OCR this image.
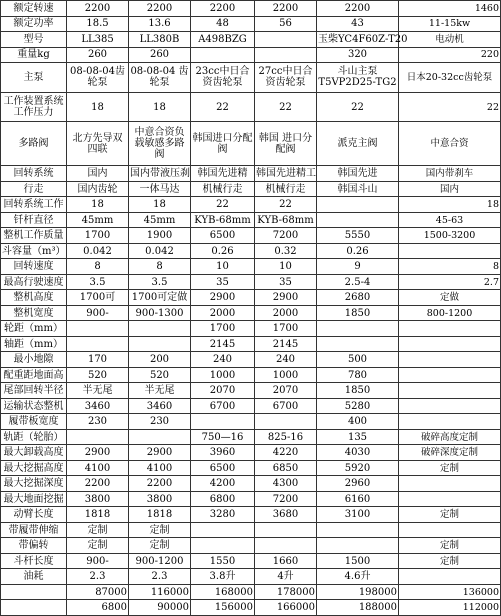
额定转速	2200	2200	2200	2200	2200	1460

额定功率	18.5	13.6	48	56	43	11-15kw
型号	LL385	LL380B	A498BZG		玉柴YC4F60Z-T20	电动机
重量kg	260	260			320	220

主泵	08-08-04齿轮泵	08-08-04 齿轮泵	23cc中日合资齿轮泵	27cc中日合资齿轮泵	斗山主泵T5VP2D25-TG2	日本20-32cc齿轮泵
工作装置系统工作压力	18	18	22	22	22	22

多路阀	北方先导双四联	中意合资负载敏感多路阀	韩国进口分配阀	韩国 进口分配阀	派克主阀	中意合资
回转系统	国内	国内带液压刹	韩国先进精	韩国先进精工	韩国先进	国内带刹车
行走	国内齿轮	一体马达	机械行走	机械行走	韩国斗山	国内
回转系统工作	18	18	22	22		18

钎杆直径	45mm	45mm	KYB-68mm	KYB-68mm		45-63
整机工作质量	1700	1900	6500	7200	5550	1500-3200
斗容量（m³）	0.042	0.042	0.26	0.32	0.26	
回转速度	8	8	10	10	9	8

最高行驶速度	3.5	3.5	35	35	2.5-4	2.7

整机高度	1700可	1700可定做	2900	2900	2680	定做
整机宽度	900-	900-1300	2000	2000	1850	800-1200
轮距（mm）			1700	1700		
轴距（mm）			2145	2145		
最小地隙	170	200	240	240	500	
配重距地面高	520	520	1000	1000	780	
尾部回转半径	半无尾	半无尾	2070	2070	1850	
运输状态整机	3460	3460	6700	6700	5280	
履带板宽度	230	230			400	
轨距（轮胎）			750—16	825-16	135	破碎高度定制
最大卸载高度	2900	2900	3960	4220	4030	破碎深度定制
最大挖掘高度	4100	4100	6500	6850	5920	定制
最大挖掘深度	2200	2200	4200	4300	2960	
最大地面挖掘	3800	3800	6800	7200	6160	
动臂长度	1818	1818	3280	3680	3100	定制
带履带伸缩	定制	定制				
带偏转	定制	定制				定制
斗杆长度	900-	900-1200	1550	1660	1500	定制
油耗	2.3	2.3	3.8升	4升	4.6升	

	87000	116000	168000	178000	198000	136000

	6800	90000	156000	166000	188000	112000
